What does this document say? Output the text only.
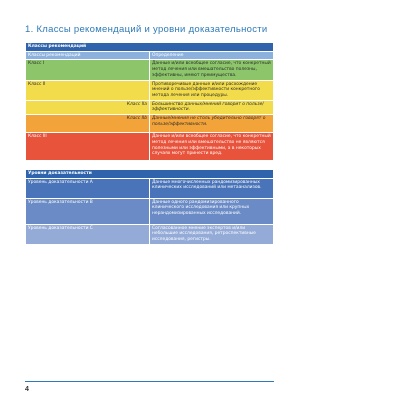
1. Классы рекомендаций и уровни доказательности
Классы рекомендаций	
Классы рекомендаций	Определение
Класс I	Данные и/или всеобщее согласие, что конкретный метод лечения или вмешательство полезны, эффективны, имеют преимущества.
Класс II	Противоречивые данные и/или расхождение мнений о пользе/эффективности конкретного метода лечения или процедуры.
Класс IIa	Большинство данных/мнений говорит о пользе/эффективности.
Класс IIb	Данные/мнения не столь убедительно говорят о пользе/эффективности.
Класс III	Данные и/или всеобщее согласие, что конкретный метод лечения или вмешательство не являются полезными или эффективными, а в некоторых случаях могут принести вред.
Уровни доказательности	
Уровень доказательности A	Данные многочисленных рандомизированных клинических исследований или метаанализов.
Уровень доказательности B	Данные одного рандомизированного клинического исследования или крупных нерандомизированных исследований.
Уровень доказательности C	Согласованное мнение экспертов и/или небольшие исследования, ретроспективные исследования, регистры.
4
